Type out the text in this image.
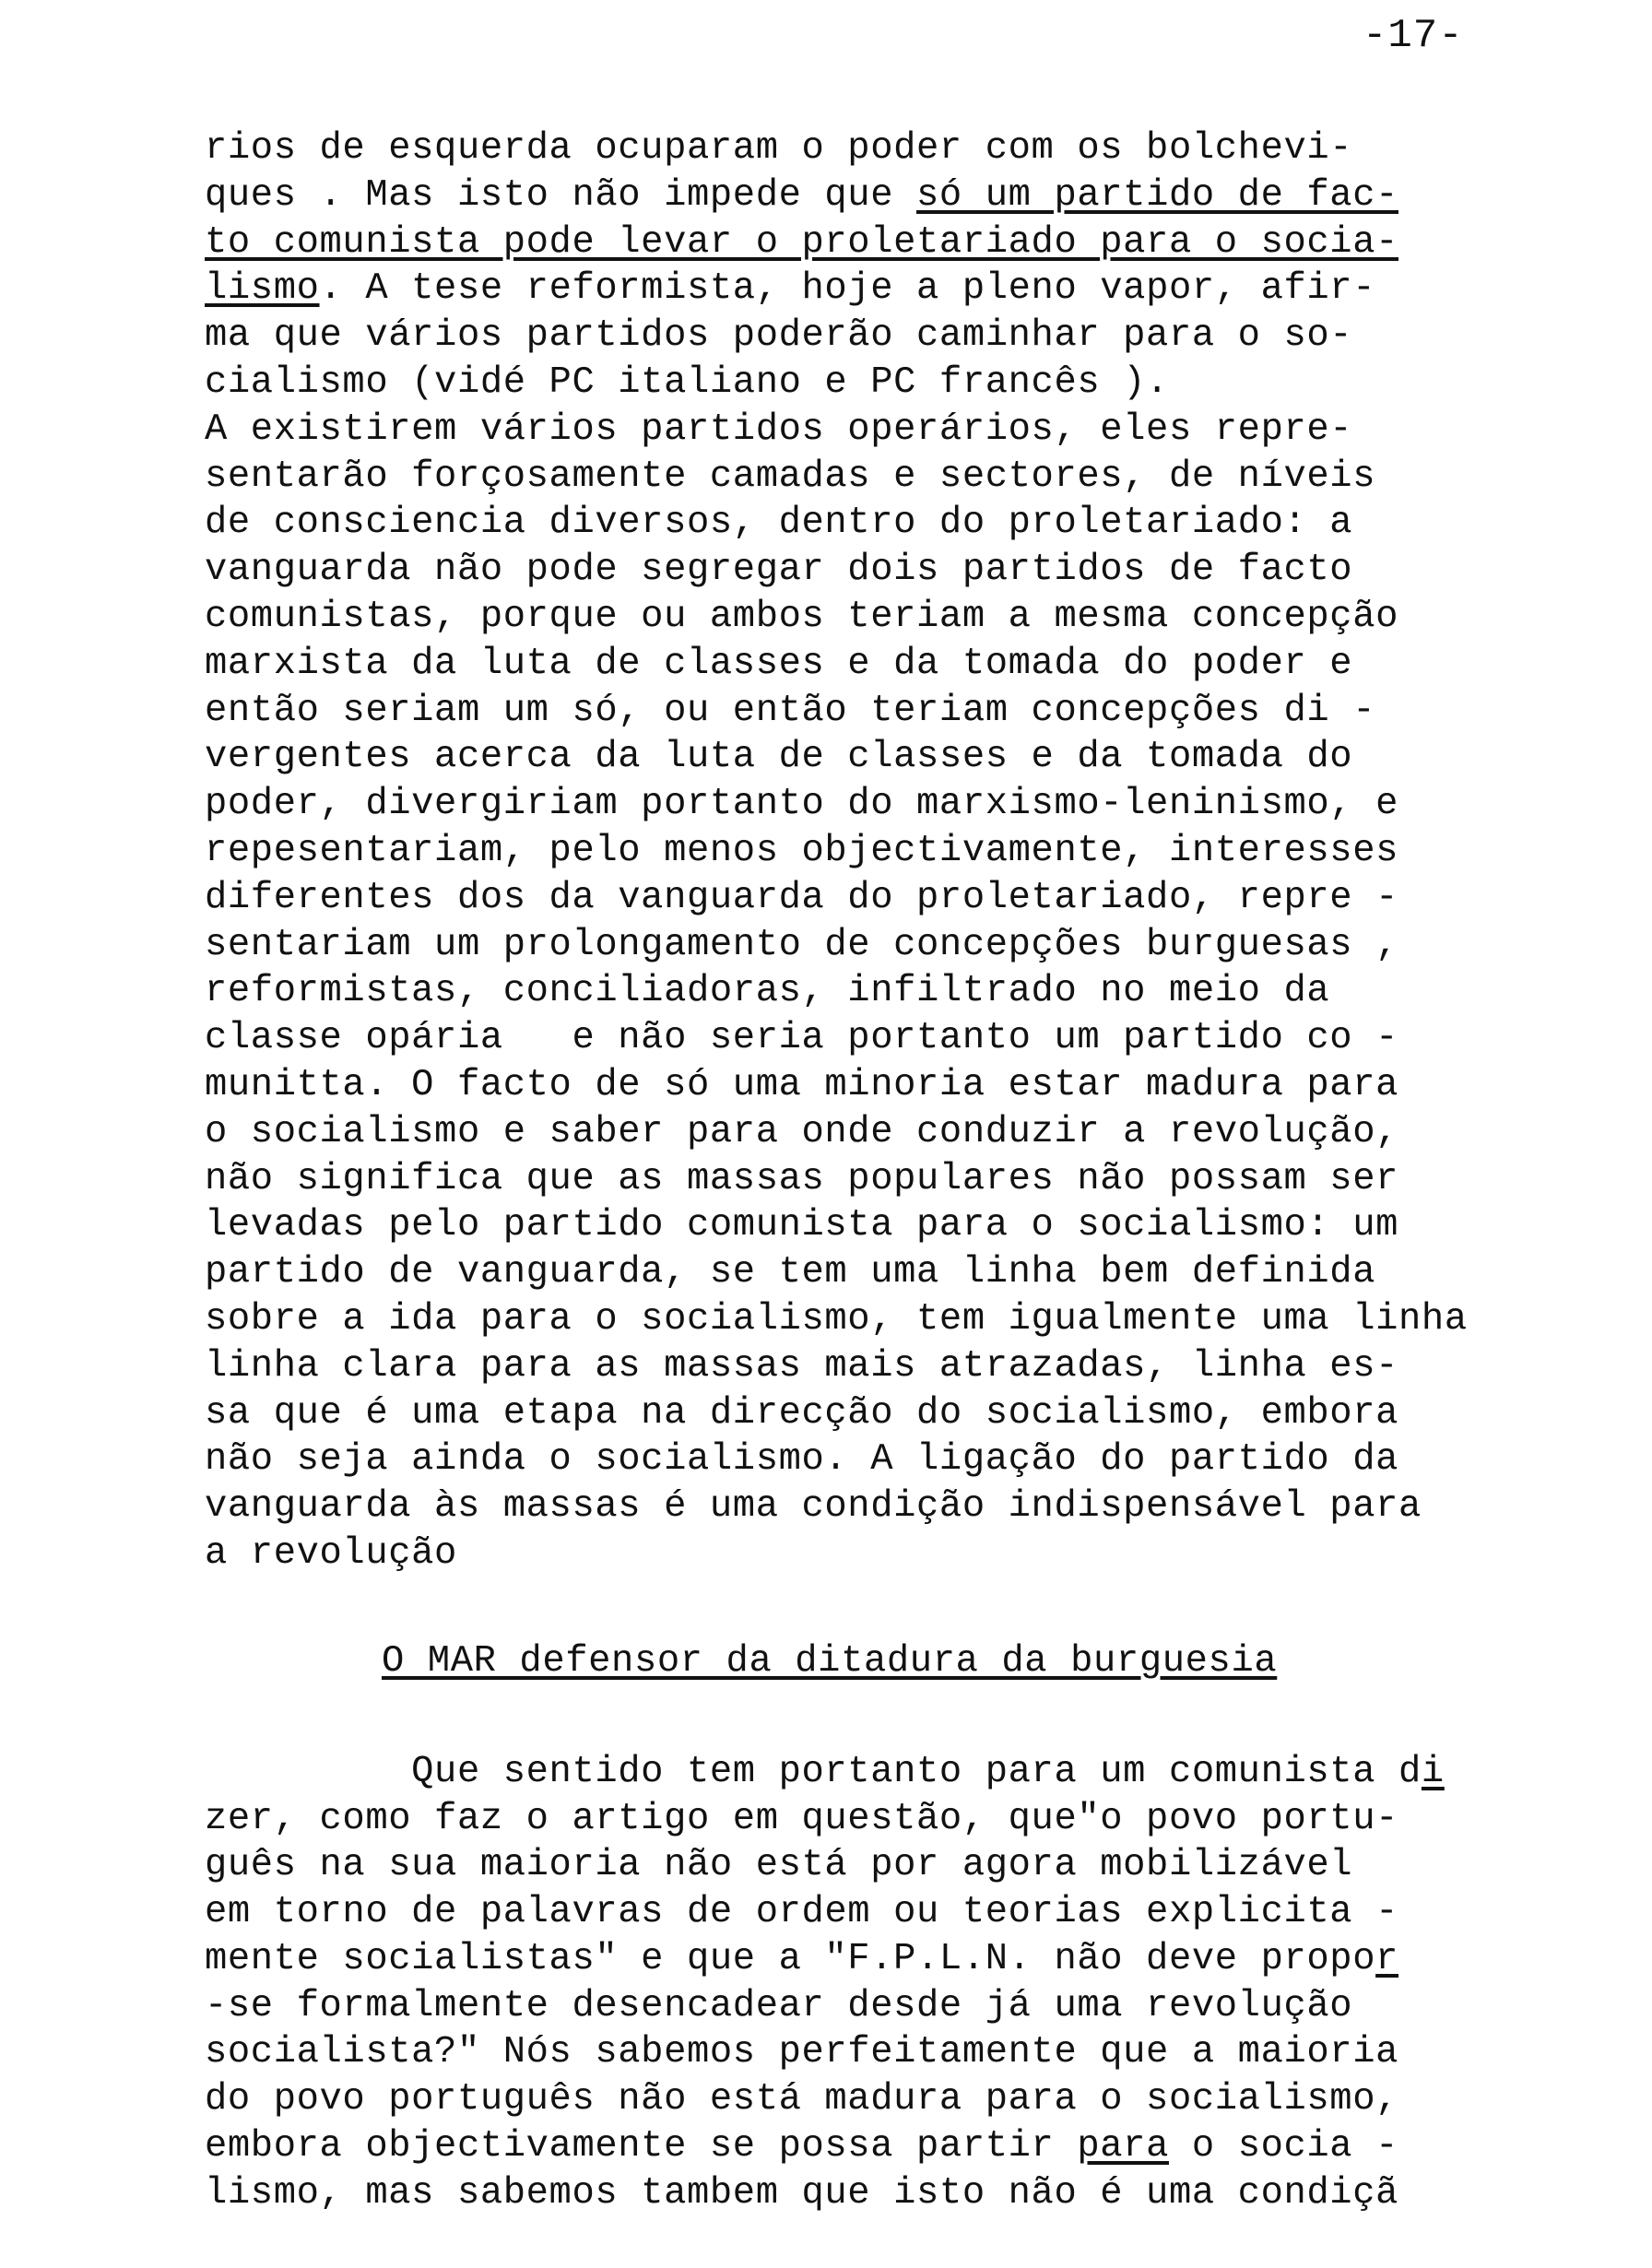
-17-
rios de esquerda ocuparam o poder com os bolchevi-
ques . Mas isto não impede que só um partido de fac-
to comunista pode levar o proletariado para o socia-
lismo. A tese reformista, hoje a pleno vapor, afir-
ma que vários partidos poderão caminhar para o so-
cialismo (vidé PC italiano e PC francês ).
A existirem vários partidos operários, eles repre-
sentarão forçosamente camadas e sectores, de níveis
de consciencia diversos, dentro do proletariado: a
vanguarda não pode segregar dois partidos de facto
comunistas, porque ou ambos teriam a mesma concepção
marxista da luta de classes e da tomada do poder e
então seriam um só, ou então teriam concepções di -
vergentes acerca da luta de classes e da tomada do
poder, divergiriam portanto do marxismo-leninismo, e
repesentariam, pelo menos objectivamente, interesses
diferentes dos da vanguarda do proletariado, repre -
sentariam um prolongamento de concepções burguesas ,
reformistas, conciliadoras, infiltrado no meio da
classe opária   e não seria portanto um partido co -
munitta. O facto de só uma minoria estar madura para
o socialismo e saber para onde conduzir a revolução,
não significa que as massas populares não possam ser
levadas pelo partido comunista para o socialismo: um
partido de vanguarda, se tem uma linha bem definida
sobre a ida para o socialismo, tem igualmente uma linha
linha clara para as massas mais atrazadas, linha es-
sa que é uma etapa na direcção do socialismo, embora
não seja ainda o socialismo. A ligação do partido da
vanguarda às massas é uma condição indispensável para
a revolução
O MAR defensor da ditadura da burguesia
Que sentido tem portanto para um comunista di
zer, como faz o artigo em questão, que"o povo portu-
guês na sua maioria não está por agora mobilizável
em torno de palavras de ordem ou teorias explicita -
mente socialistas" e que a "F.P.L.N. não deve propor
-se formalmente desencadear desde já uma revolução
socialista?" Nós sabemos perfeitamente que a maioria
do povo português não está madura para o socialismo,
embora objectivamente se possa partir para o socia -
lismo, mas sabemos tambem que isto não é uma condiçã
